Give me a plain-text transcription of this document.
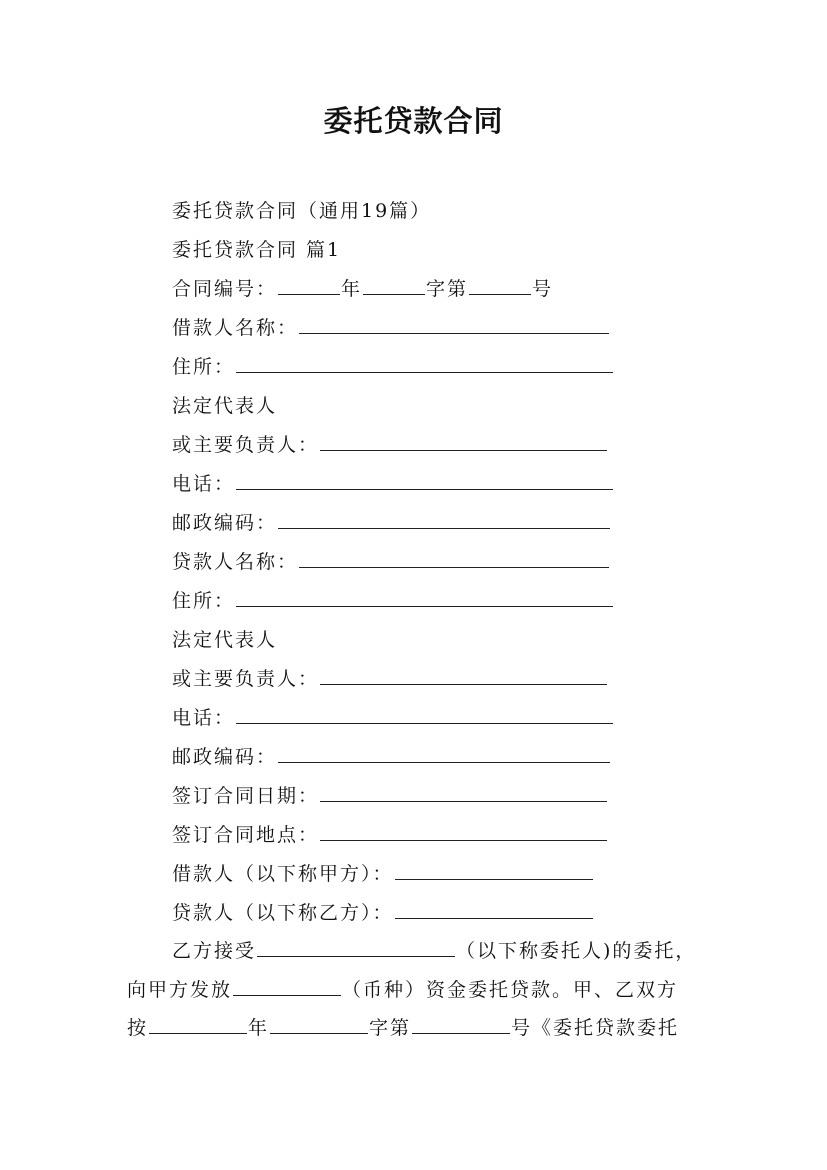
委托贷款合同
委托贷款合同（通用19篇）
委托贷款合同 篇1
合同编号：	年	字第	号
借款人名称：
住所：
法定代表人
或主要负责人：
电话：
邮政编码：
贷款人名称：
住所：
法定代表人
或主要负责人：
电话：
邮政编码：
签订合同日期：
签订合同地点：
借款人（以下称甲方）：
贷款人（以下称乙方）：
乙方接受	（以下称委托人)的委托，
向甲方发放	（币种）资金委托贷款。甲、乙双方
按	年	字第	号《委托贷款委托
